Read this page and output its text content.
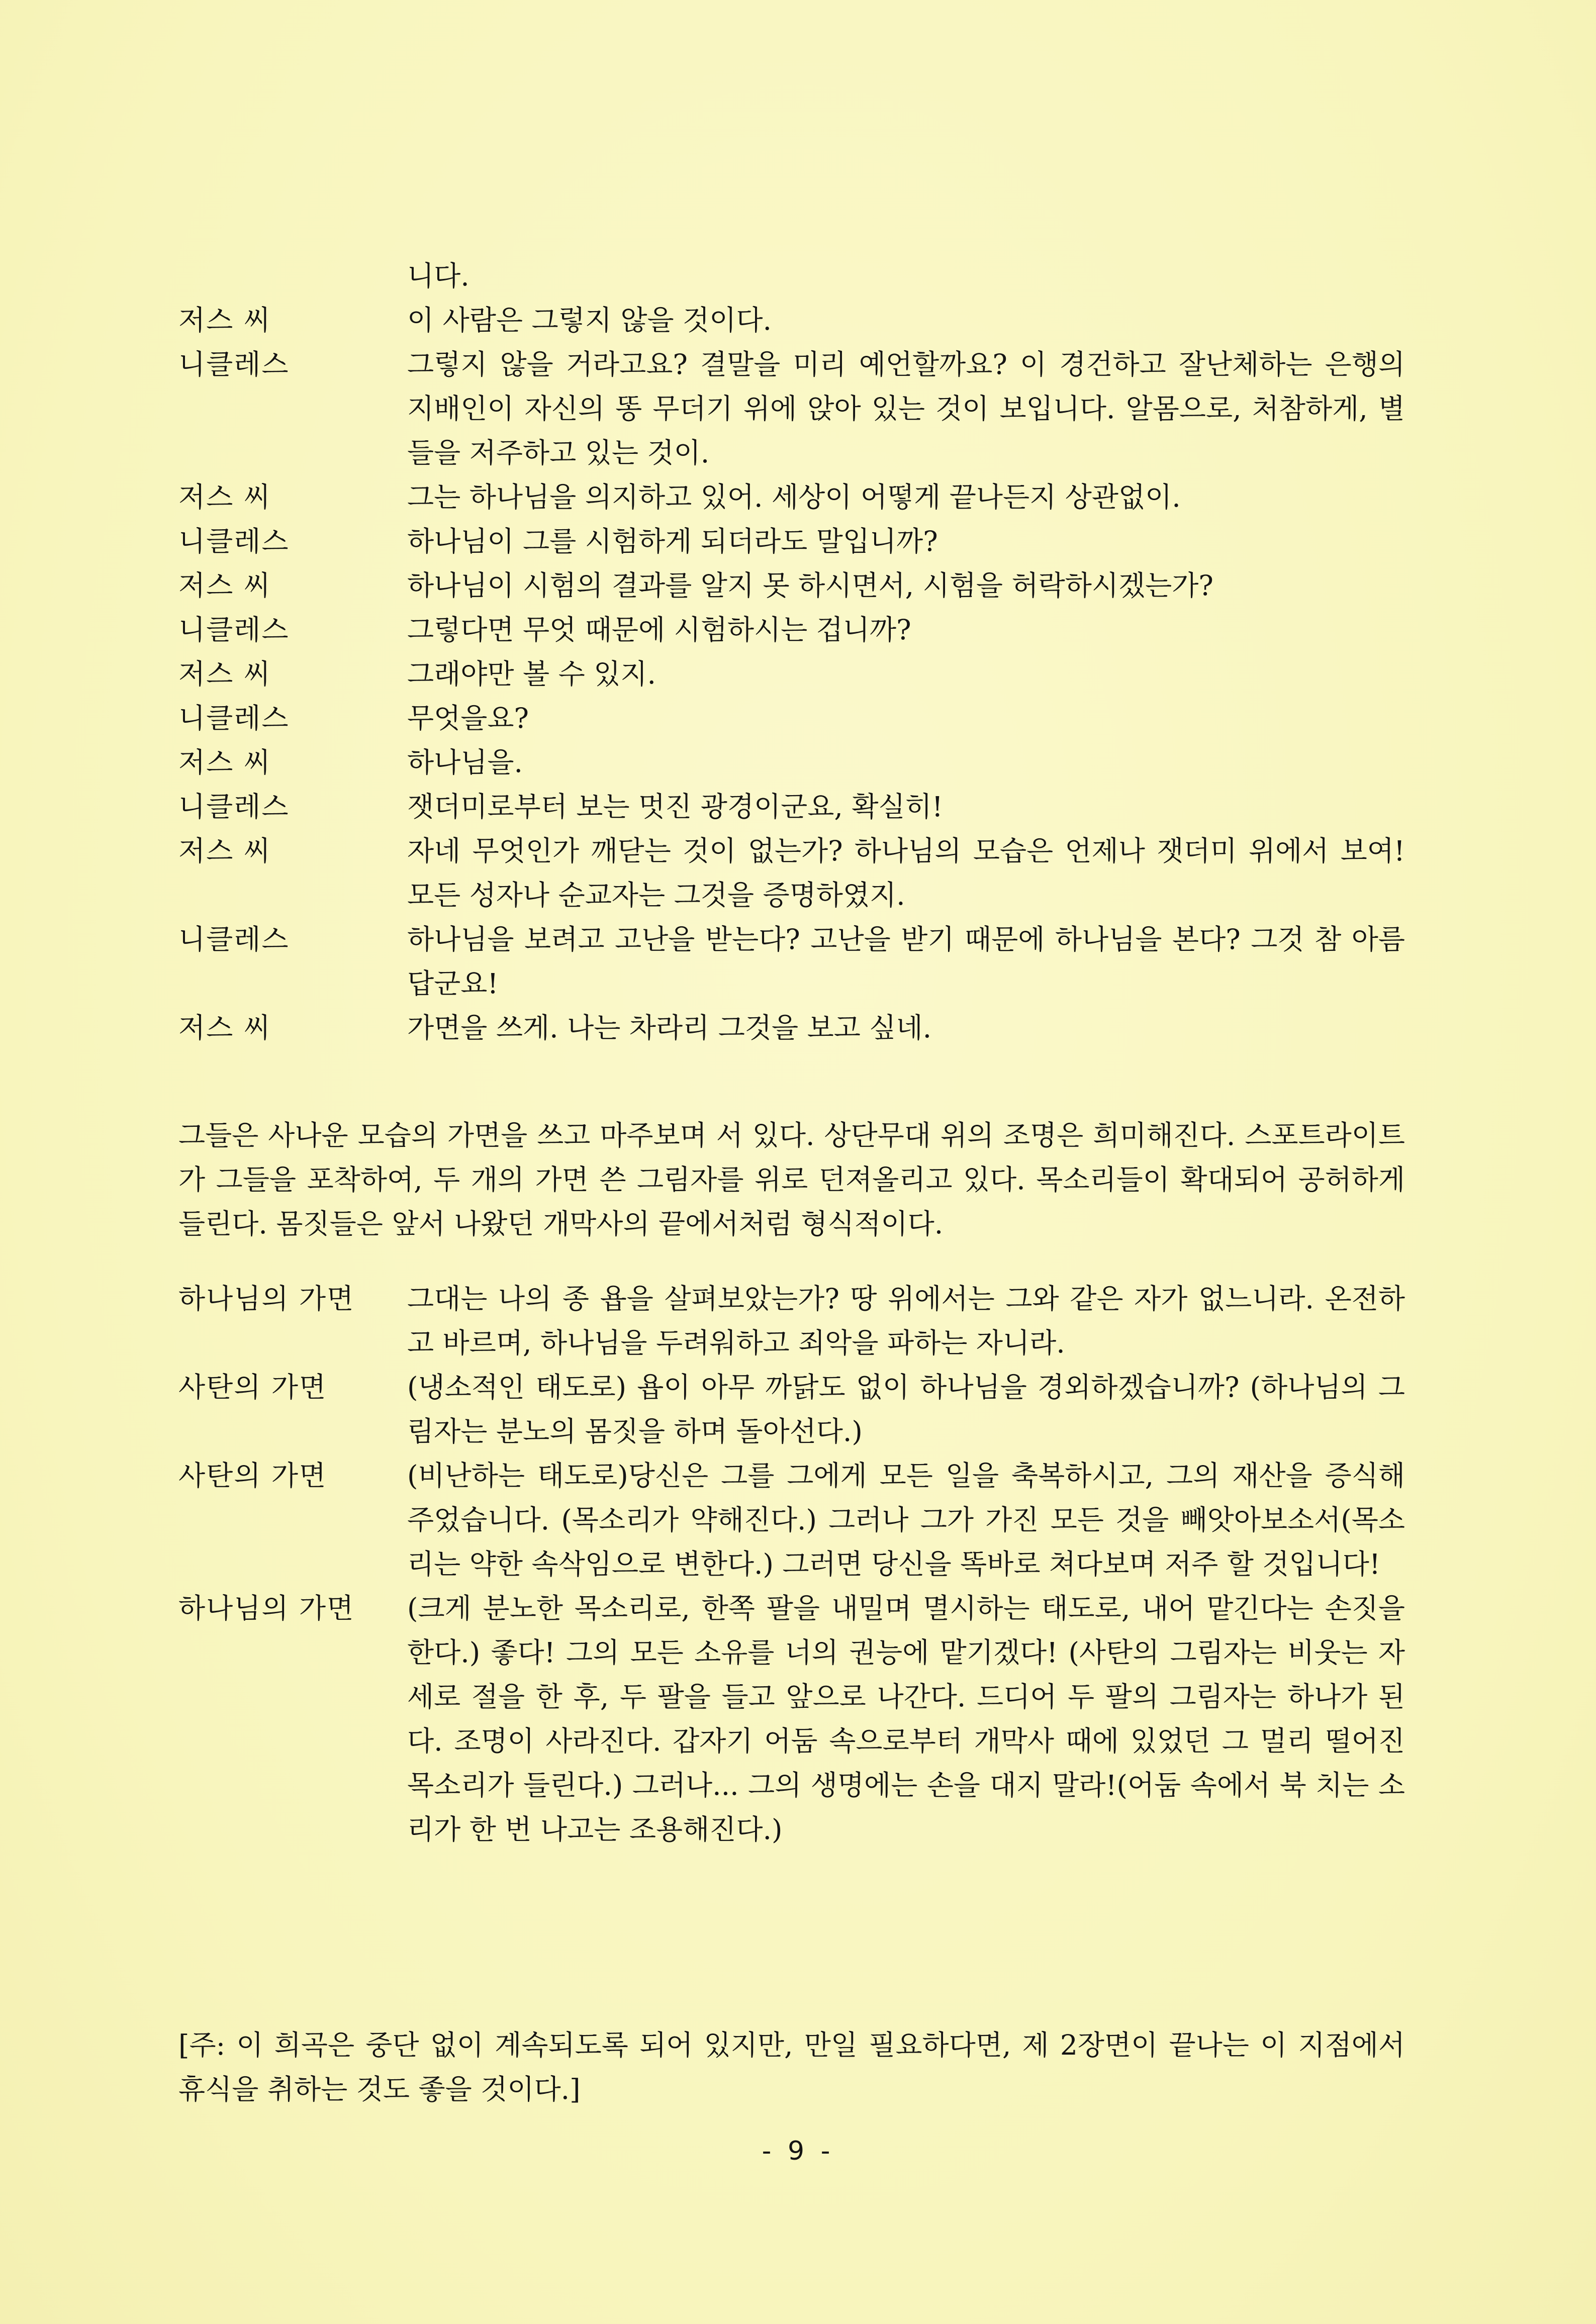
니다.
저스 씨	이 사람은 그렇지 않을 것이다.
니클레스	그렇지 않을 거라고요? 결말을 미리 예언할까요? 이 경건하고 잘난체하는 은행의 지배인이 자신의 똥 무더기 위에 앉아 있는 것이 보입니다. 알몸으로, 처참하게, 별들을 저주하고 있는 것이.
저스 씨	그는 하나님을 의지하고 있어. 세상이 어떻게 끝나든지 상관없이.
니클레스	하나님이 그를 시험하게 되더라도 말입니까?
저스 씨	하나님이 시험의 결과를 알지 못 하시면서, 시험을 허락하시겠는가?
니클레스	그렇다면 무엇 때문에 시험하시는 겁니까?
저스 씨	그래야만 볼 수 있지.
니클레스	무엇을요?
저스 씨	하나님을.
니클레스	잿더미로부터 보는 멋진 광경이군요, 확실히!
저스 씨	자네 무엇인가 깨닫는 것이 없는가? 하나님의 모습은 언제나 잿더미 위에서 보여! 모든 성자나 순교자는 그것을 증명하였지.
니클레스	하나님을 보려고 고난을 받는다? 고난을 받기 때문에 하나님을 본다? 그것 참 아름답군요!
저스 씨	가면을 쓰게. 나는 차라리 그것을 보고 싶네.

그들은 사나운 모습의 가면을 쓰고 마주보며 서 있다. 상단무대 위의 조명은 희미해진다. 스포트라이트가 그들을 포착하여, 두 개의 가면 쓴 그림자를 위로 던져올리고 있다. 목소리들이 확대되어 공허하게 들린다. 몸짓들은 앞서 나왔던 개막사의 끝에서처럼 형식적이다.

하나님의 가면	그대는 나의 종 욥을 살펴보았는가? 땅 위에서는 그와 같은 자가 없느니라. 온전하고 바르며, 하나님을 두려워하고 죄악을 파하는 자니라.
사탄의 가면	(냉소적인 태도로) 욥이 아무 까닭도 없이 하나님을 경외하겠습니까? (하나님의 그림자는 분노의 몸짓을 하며 돌아선다.)
사탄의 가면	(비난하는 태도로)당신은 그를 그에게 모든 일을 축복하시고, 그의 재산을 증식해 주었습니다. (목소리가 약해진다.) 그러나 그가 가진 모든 것을 빼앗아보소서(목소리는 약한 속삭임으로 변한다.) 그러면 당신을 똑바로 쳐다보며 저주 할 것입니다!
하나님의 가면	(크게 분노한 목소리로, 한쪽 팔을 내밀며 멸시하는 태도로, 내어 맡긴다는 손짓을 한다.) 좋다! 그의 모든 소유를 너의 권능에 맡기겠다! (사탄의 그림자는 비웃는 자세로 절을 한 후, 두 팔을 들고 앞으로 나간다. 드디어 두 팔의 그림자는 하나가 된다. 조명이 사라진다. 갑자기 어둠 속으로부터 개막사 때에 있었던 그 멀리 떨어진 목소리가 들린다.) 그러나... 그의 생명에는 손을 대지 말라!(어둠 속에서 북 치는 소리가 한 번 나고는 조용해진다.)

[주: 이 희곡은 중단 없이 계속되도록 되어 있지만, 만일 필요하다면, 제 2장면이 끝나는 이 지점에서 휴식을 취하는 것도 좋을 것이다.]

- 9 -
